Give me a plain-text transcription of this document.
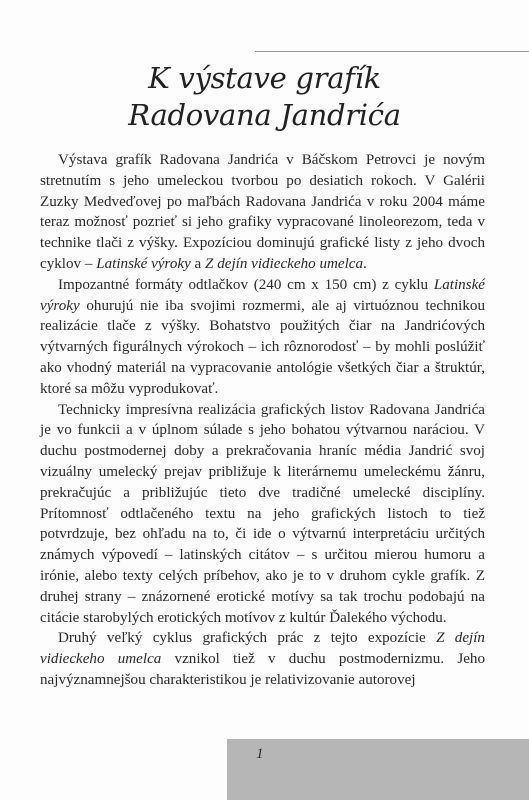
K výstave grafík
Radovana Jandrića

Výstava grafík Radovana Jandrića v Báčskom Petrovci je novým stretnutím s jeho umeleckou tvorbou po desiatich rokoch. V Galérii Zuzky Medveďovej po maľbách Radovana Jandrića v roku 2004 máme teraz možnosť pozrieť si jeho grafiky vypracované linoleorezom, teda v technike tlači z výšky. Expozíciou dominujú grafické listy z jeho dvoch cyklov – Latinské výroky a Z dejín vidieckeho umelca.

Impozantné formáty odtlačkov (240 cm x 150 cm) z cyklu Latinské výroky ohurujú nie iba svojimi rozmermi, ale aj virtuóznou technikou realizácie tlače z výšky. Bohatstvo použitých čiar na Jandrićových výtvarných figurálnych výrokoch – ich rôznorodosť – by mohli poslúžiť ako vhodný materiál na vypracovanie antológie všetkých čiar a štruktúr, ktoré sa môžu vyprodukovať.

Technicky impresívna realizácia grafických listov Radovana Jandrića je vo funkcii a v úplnom súlade s jeho bohatou výtvarnou naráciou. V duchu postmodernej doby a prekračovania hraníc média Jandrić svoj vizuálny umelecký prejav približuje k literárnemu umeleckému žánru, prekračujúc a približujúc tieto dve tradičné umelecké disciplíny. Prítomnosť odtlačeného textu na jeho grafických listoch to tiež potvrdzuje, bez ohľadu na to, či ide o výtvarnú interpretáciu určitých známych výpovedí – latinských citátov – s určitou mierou humoru a irónie, alebo texty celých príbehov, ako je to v druhom cykle grafík. Z druhej strany – znázornené erotické motívy sa tak trochu podobajú na citácie starobylých erotických motívov z kultúr Ďalekého východu.

Druhý veľký cyklus grafických prác z tejto expozície Z dejín vidieckeho umelca vznikol tiež v duchu postmodernizmu. Jeho najvýznamnejšou charakteristikou je relativizovanie autorovej

1
